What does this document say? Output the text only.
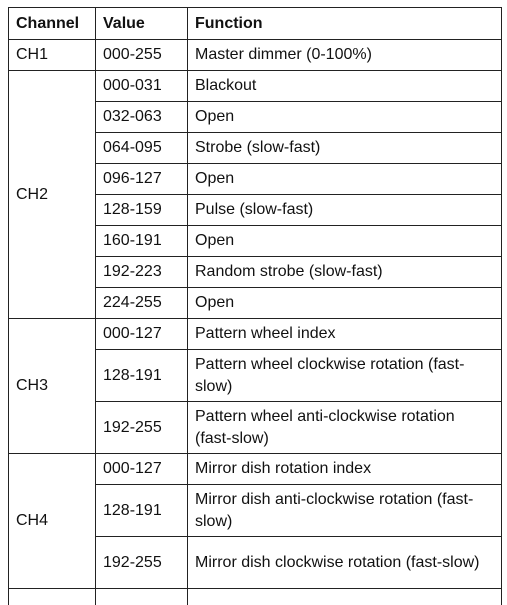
Channel	Value	Function
CH1	000-255	Master dimmer (0-100%)
CH2	000-031	Blackout
	032-063	Open
	064-095	Strobe (slow-fast)
	096-127	Open
	128-159	Pulse (slow-fast)
	160-191	Open
	192-223	Random strobe (slow-fast)
	224-255	Open
CH3	000-127	Pattern wheel index
	128-191	Pattern wheel clockwise rotation (fast-slow)
	192-255	Pattern wheel anti-clockwise rotation (fast-slow)
CH4	000-127	Mirror dish rotation index
	128-191	Mirror dish anti-clockwise rotation (fast-slow)
	192-255	Mirror dish clockwise rotation (fast-slow)
